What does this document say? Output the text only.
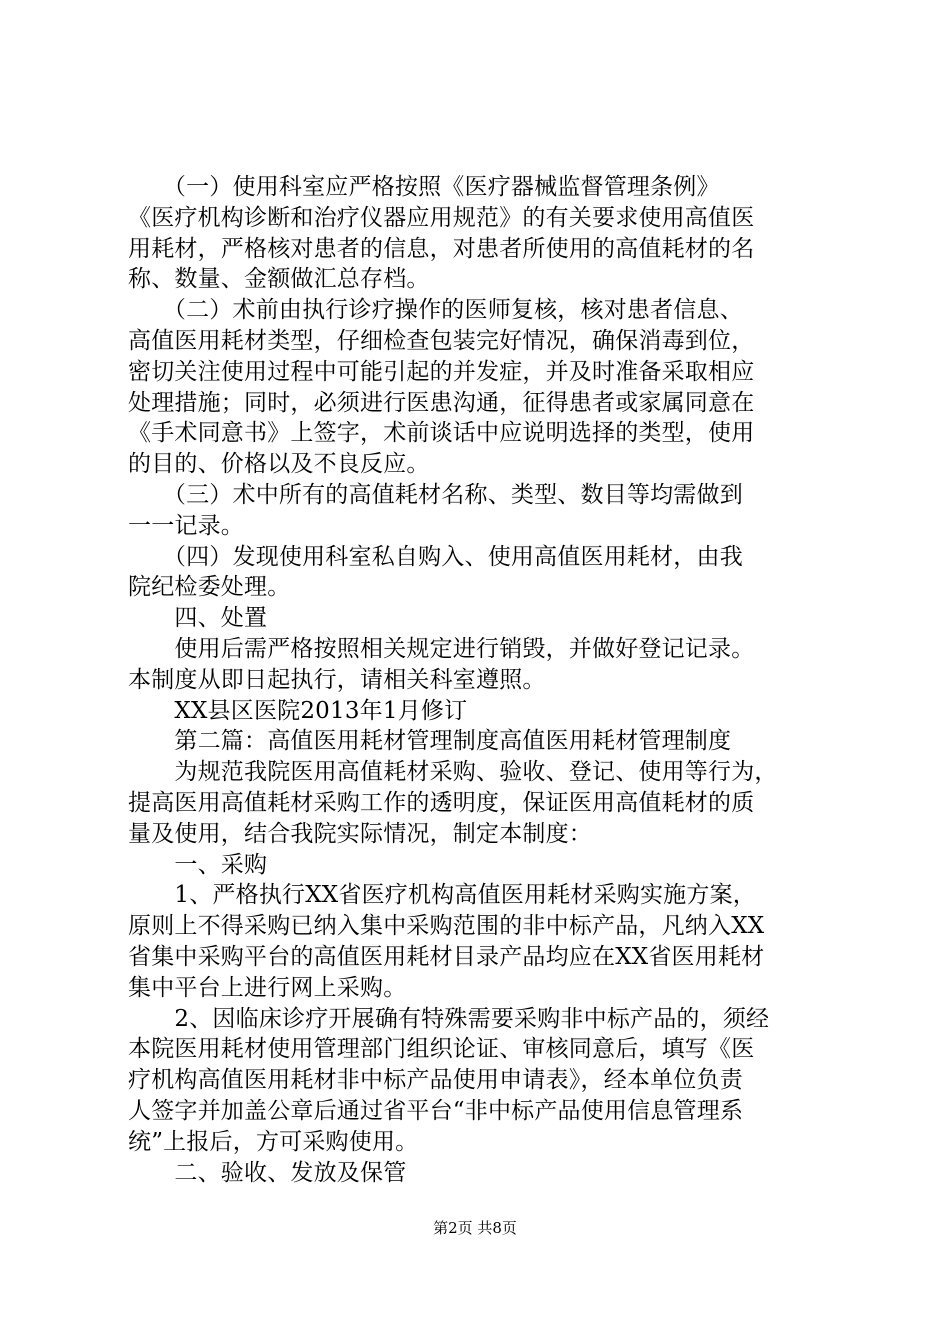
　　（一）使用科室应严格按照《医疗器械监督管理条例》
《医疗机构诊断和治疗仪器应用规范》的有关要求使用高值医
用耗材，严格核对患者的信息，对患者所使用的高值耗材的名
称、数量、金额做汇总存档。
　　（二）术前由执行诊疗操作的医师复核，核对患者信息、
高值医用耗材类型，仔细检查包装完好情况，确保消毒到位，
密切关注使用过程中可能引起的并发症，并及时准备采取相应
处理措施；同时，必须进行医患沟通，征得患者或家属同意在
《手术同意书》上签字，术前谈话中应说明选择的类型，使用
的目的、价格以及不良反应。
　　（三）术中所有的高值耗材名称、类型、数目等均需做到
一一记录。
　　（四）发现使用科室私自购入、使用高值医用耗材，由我
院纪检委处理。
　　四、处置
　　使用后需严格按照相关规定进行销毁，并做好登记记录。
本制度从即日起执行，请相关科室遵照。
　　XX县区医院2013年1月修订
　　第二篇：高值医用耗材管理制度高值医用耗材管理制度
　　为规范我院医用高值耗材采购、验收、登记、使用等行为，
提高医用高值耗材采购工作的透明度，保证医用高值耗材的质
量及使用，结合我院实际情况，制定本制度：
　　一、采购
　　1、严格执行XX省医疗机构高值医用耗材采购实施方案，
原则上不得采购已纳入集中采购范围的非中标产品，凡纳入XX
省集中采购平台的高值医用耗材目录产品均应在XX省医用耗材
集中平台上进行网上采购。
　　2、因临床诊疗开展确有特殊需要采购非中标产品的，须经
本院医用耗材使用管理部门组织论证、审核同意后，填写《医
疗机构高值医用耗材非中标产品使用申请表》，经本单位负责
人签字并加盖公章后通过省平台“非中标产品使用信息管理系
统”上报后，方可采购使用。
　　二、验收、发放及保管
第2页 共8页
